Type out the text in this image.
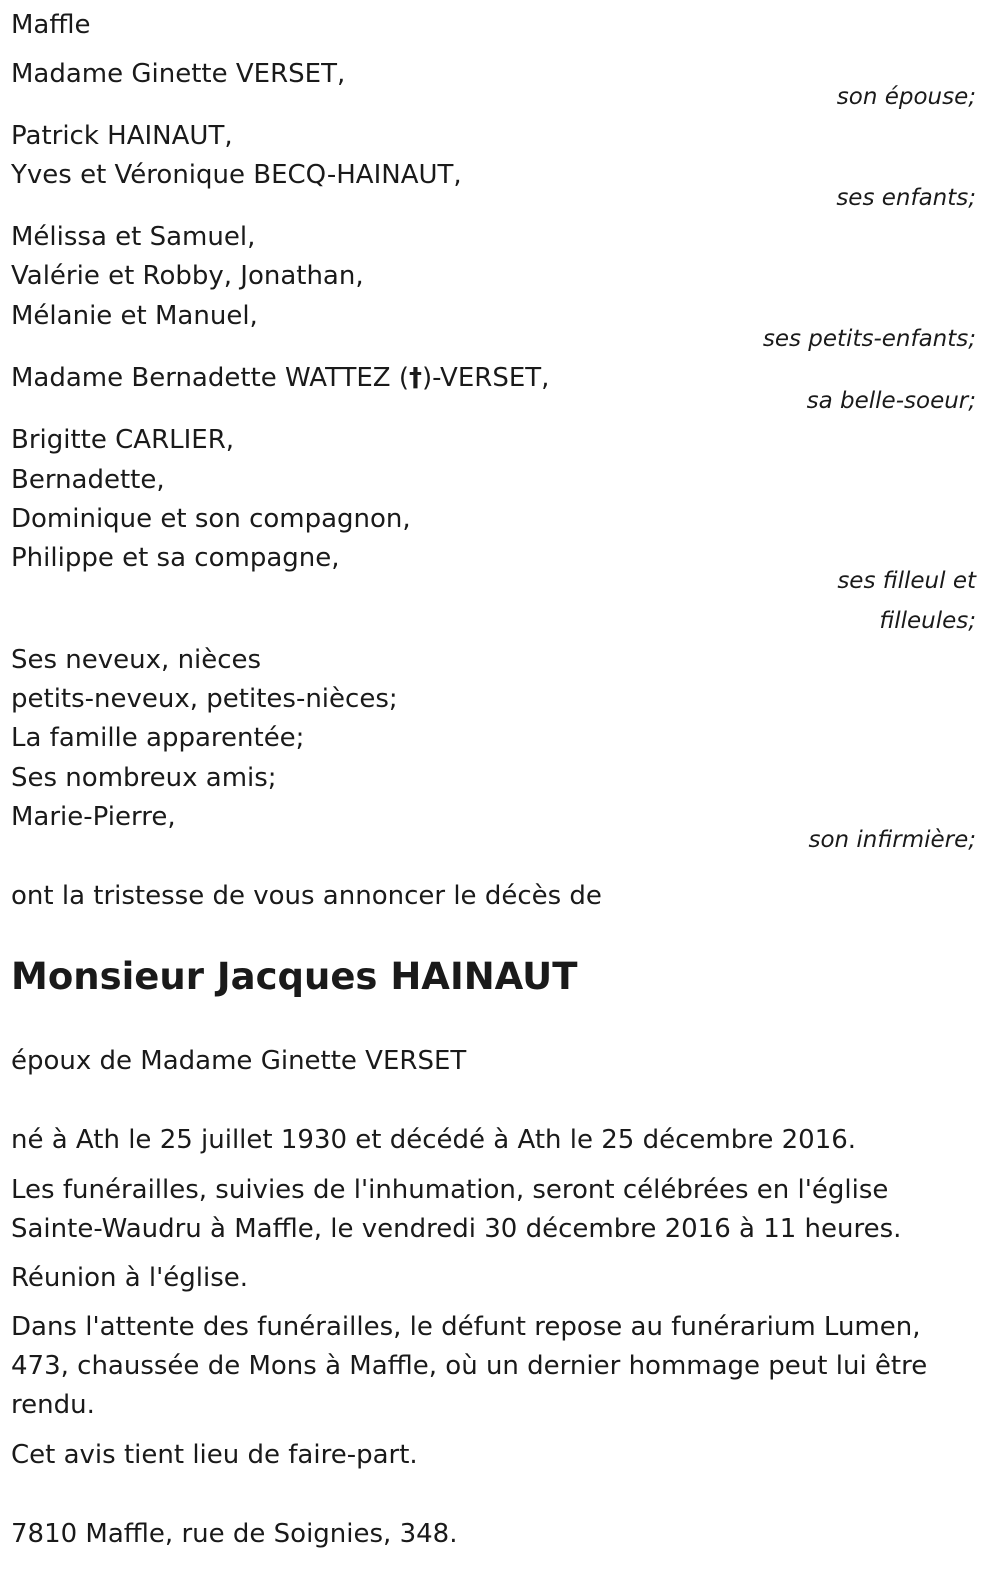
Maffle

Madame Ginette VERSET,

son épouse;

Patrick HAINAUT,

Yves et Véronique BECQ-HAINAUT,

ses enfants;

Mélissa et Samuel,

Valérie et Robby, Jonathan,

Mélanie et Manuel,

ses petits-enfants;

Madame Bernadette WATTEZ (†)-VERSET,

sa belle-soeur;

Brigitte CARLIER,

Bernadette,

Dominique et son compagnon,

Philippe et sa compagne,

ses filleul et

filleules;

Ses neveux, nièces

petits-neveux, petites-nièces;

La famille apparentée;

Ses nombreux amis;

Marie-Pierre,

son infirmière;

ont la tristesse de vous annoncer le décès de

Monsieur Jacques HAINAUT

époux de Madame Ginette VERSET

né à Ath le 25 juillet 1930 et décédé à Ath le 25 décembre 2016.

Les funérailles, suivies de l'inhumation, seront célébrées en l'église

Sainte-Waudru à Maffle, le vendredi 30 décembre 2016 à 11 heures.

Réunion à l'église.

Dans l'attente des funérailles, le défunt repose au funérarium Lumen,

473, chaussée de Mons à Maffle, où un dernier hommage peut lui être

rendu.

Cet avis tient lieu de faire-part.

7810 Maffle, rue de Soignies, 348.
